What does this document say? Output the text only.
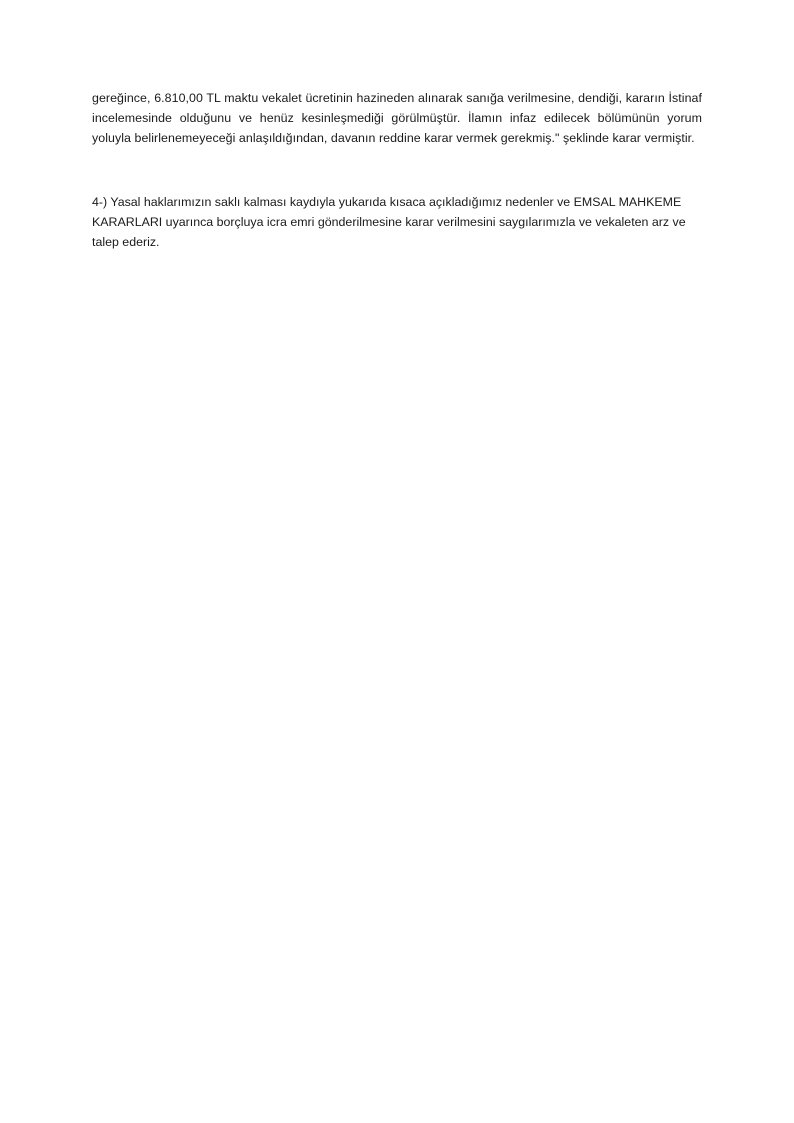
gereğince, 6.810,00 TL maktu vekalet ücretinin hazineden alınarak sanığa verilmesine, dendiği, kararın İstinaf incelemesinde olduğunu ve henüz kesinleşmediği görülmüştür. İlamın infaz edilecek bölümünün yorum yoluyla belirlenemeyeceği anlaşıldığından, davanın reddine karar vermek gerekmiş." şeklinde karar vermiştir.

4-) Yasal haklarımızın saklı kalması kaydıyla yukarıda kısaca açıkladığımız nedenler ve EMSAL MAHKEME KARARLARI uyarınca borçluya icra emri gönderilmesine karar verilmesini saygılarımızla ve vekaleten arz ve talep ederiz.
